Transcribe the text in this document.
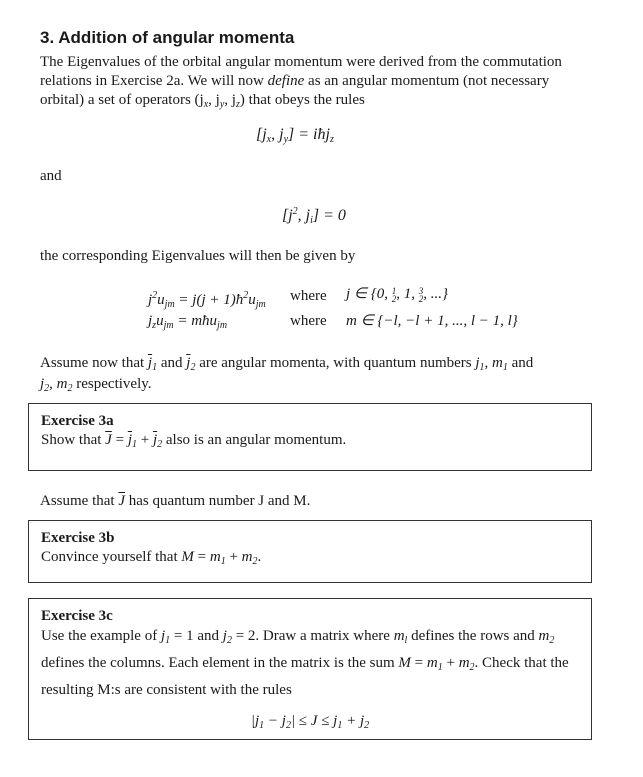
3. Addition of angular momenta
The Eigenvalues of the orbital angular momentum were derived from the commutation
relations in Exercise 2a. We will now define as an angular momentum (not necessary
orbital) a set of operators ($j_x$, $j_y$, $j_z$) that obeys the rules
[$j_x$, $j_y$] = iħj$_z$
and
[$j^2$, $j_i] = 0$
the corresponding Eigenvalues will then be given by
$j^2u_{jm} = j(j$ + $1)ħ^2u_{jm}$
where j ∈ {0, 1
2, 1, 3
2, ...}
$j_zu_{jm}$ = mħu$_{jm}$	where m ∈ {−l, −l + 1, ..., l − 1, l}
Assume now that $\overline{j}_1$ and $\overline{j}_2$ are angular momenta, with quantum numbers $j_1$, $m_1$ and
$j_2$, $m_2$ respectively.
Exercise 3a
Show that $\overline{J} = \overline{j}_1 + \overline{j}_2$ also is an angular momentum.
Assume that $\overline{J}$ has quantum number J and M.
Exercise 3b
Convince yourself that $M = m_1 + m_2$.
Exercise 3c
Use the example of $j_1 = 1$ and $j_2 = 2$. Draw a matrix where $m_l$ defines the rows and $m_2$
defines the columns. Each element in the matrix is the sum $M = m_1 + m_2$. Check that the
resulting M:s are consistent with the rules
$|j_1 - j_2| \le J \le j_1 + j_2$
